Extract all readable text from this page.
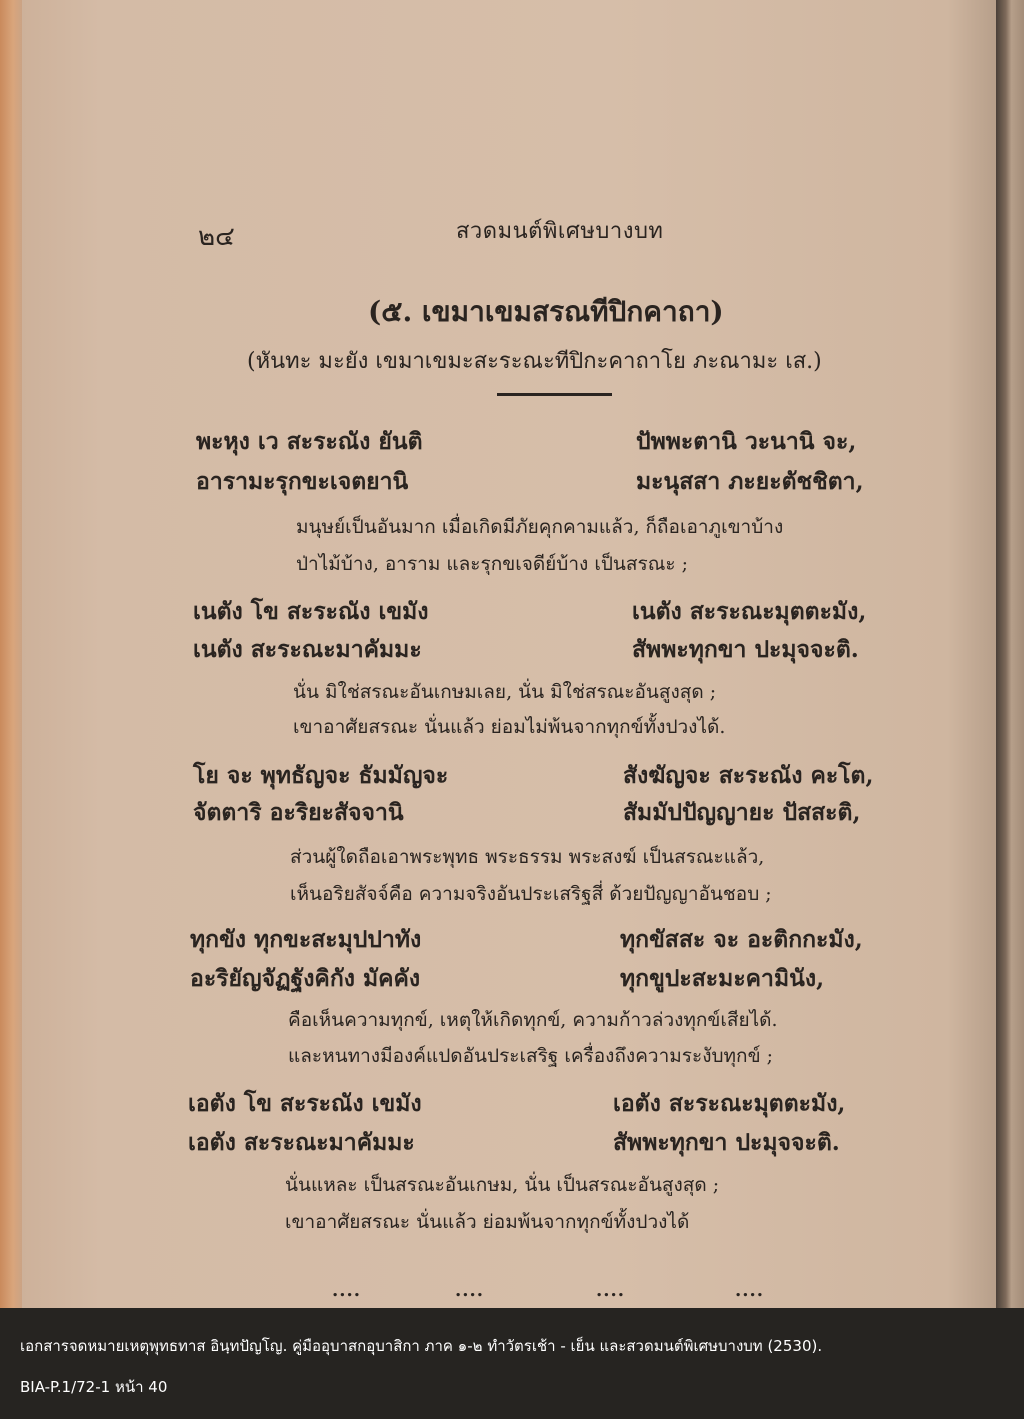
๒๔	สวดมนต์พิเศษบางบท
(๕. เขมาเขมสรณทีปิกคาถา)
(หันทะ มะยัง เขมาเขมะสะระณะทีปิกะคาถาโย ภะณามะ เส.)
พะหุง เว สะระณัง ยันติ	ปัพพะตานิ วะนานิ จะ,
อารามะรุกขะเจตยานิ	มะนุสสา ภะยะตัชชิตา,
มนุษย์เป็นอันมาก เมื่อเกิดมีภัยคุกคามแล้ว, ก็ถือเอาภูเขาบ้าง
ป่าไม้บ้าง, อาราม และรุกขเจดีย์บ้าง เป็นสรณะ ;
เนตัง โข สะระณัง เขมัง	เนตัง สะระณะมุตตะมัง,
เนตัง สะระณะมาคัมมะ	สัพพะทุกขา ปะมุจจะติ.
นั่น มิใช่สรณะอันเกษมเลย, นั่น มิใช่สรณะอันสูงสุด ;
เขาอาศัยสรณะ นั่นแล้ว ย่อมไม่พ้นจากทุกข์ทั้งปวงได้.
โย จะ พุทธัญจะ ธัมมัญจะ	สังฆัญจะ สะระณัง คะโต,
จัตตาริ อะริยะสัจจานิ	สัมมัปปัญญายะ ปัสสะติ,
ส่วนผู้ใดถือเอาพระพุทธ พระธรรม พระสงฆ์ เป็นสรณะแล้ว,
เห็นอริยสัจจ์คือ ความจริงอันประเสริฐสี่ ด้วยปัญญาอันชอบ ;
ทุกขัง ทุกขะสะมุปปาทัง	ทุกขัสสะ จะ อะติกกะมัง,
อะริยัญจัฏฐังคิกัง มัคคัง	ทุกขูปะสะมะคามินัง,
คือเห็นความทุกข์, เหตุให้เกิดทุกข์, ความก้าวล่วงทุกข์เสียได้.
และหนทางมีองค์แปดอันประเสริฐ เครื่องถึงความระงับทุกข์ ;
เอตัง โข สะระณัง เขมัง	เอตัง สะระณะมุตตะมัง,
เอตัง สะระณะมาคัมมะ	สัพพะทุกขา ปะมุจจะติ.
นั่นแหละ เป็นสรณะอันเกษม, นั่น เป็นสรณะอันสูงสุด ;
เขาอาศัยสรณะ นั่นแล้ว ย่อมพ้นจากทุกข์ทั้งปวงได้
....	....	....	....
เอกสารจดหมายเหตุพุทธทาส อินฺทปัญโญ. คู่มืออุบาสกอุบาสิกา ภาค ๑-๒ ทำวัตรเช้า - เย็น และสวดมนต์พิเศษบางบท (2530).
BIA-P.1/72-1 หน้า 40
